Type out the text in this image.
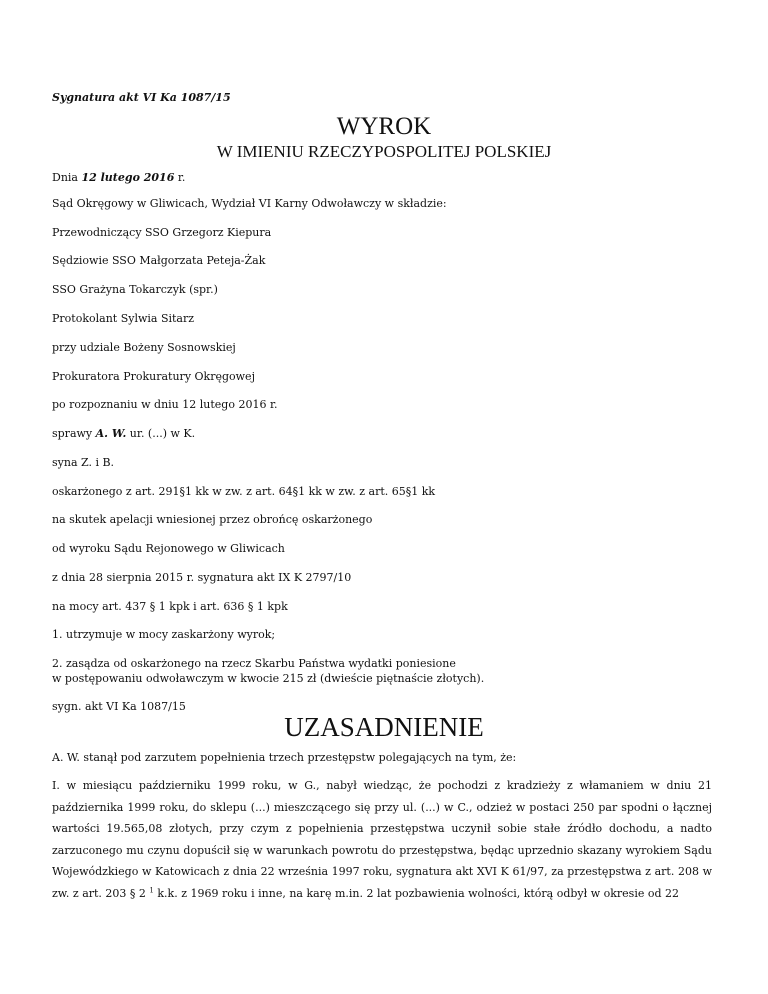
Sygnatura akt VI Ka 1087/15
WYROK
W IMIENIU RZECZYPOSPOLITEJ POLSKIEJ
Dnia 12 lutego 2016 r.
Sąd Okręgowy w Gliwicach, Wydział VI Karny Odwoławczy w składzie:
Przewodniczący SSO Grzegorz Kiepura
Sędziowie SSO Małgorzata Peteja-Żak
SSO Grażyna Tokarczyk (spr.)
Protokolant Sylwia Sitarz
przy udziale Bożeny Sosnowskiej
Prokuratora Prokuratury Okręgowej
po rozpoznaniu w dniu 12 lutego 2016 r.
sprawy A. W. ur. (...) w K.
syna Z. i B.
oskarżonego z art. 291§1 kk w zw. z art. 64§1 kk w zw. z art. 65§1 kk
na skutek apelacji wniesionej przez obrońcę oskarżonego
od wyroku Sądu Rejonowego w Gliwicach
z dnia 28 sierpnia 2015 r. sygnatura akt IX K 2797/10
na mocy art. 437 § 1 kpk i art. 636 § 1 kpk
1. utrzymuje w mocy zaskarżony wyrok;
2. zasądza od oskarżonego na rzecz Skarbu Państwa wydatki poniesione
w postępowaniu odwoławczym w kwocie 215 zł (dwieście piętnaście złotych).
sygn. akt VI Ka 1087/15
UZASADNIENIE
A. W. stanął pod zarzutem popełnienia trzech przestępstw polegających na tym, że:
I. w miesiącu październiku 1999 roku, w G., nabył wiedząc, że pochodzi z kradzieży z włamaniem w dniu 21 października 1999 roku, do sklepu (...) mieszczącego się przy ul. (...) w C., odzież w postaci 250 par spodni o łącznej wartości 19.565,08 złotych, przy czym z popełnienia przestępstwa uczynił sobie stałe źródło dochodu, a nadto zarzuconego mu czynu dopuścił się w warunkach powrotu do przestępstwa, będąc uprzednio skazany wyrokiem Sądu Wojewódzkiego w Katowicach z dnia 22 września 1997 roku, sygnatura akt XVI K 61/97, za przestępstwa z art. 208 w zw. z art. 203 § 2 $^1$ k.k. z 1969 roku i inne, na karę m.in. 2 lat pozbawienia wolności, którą odbył w okresie od 22
